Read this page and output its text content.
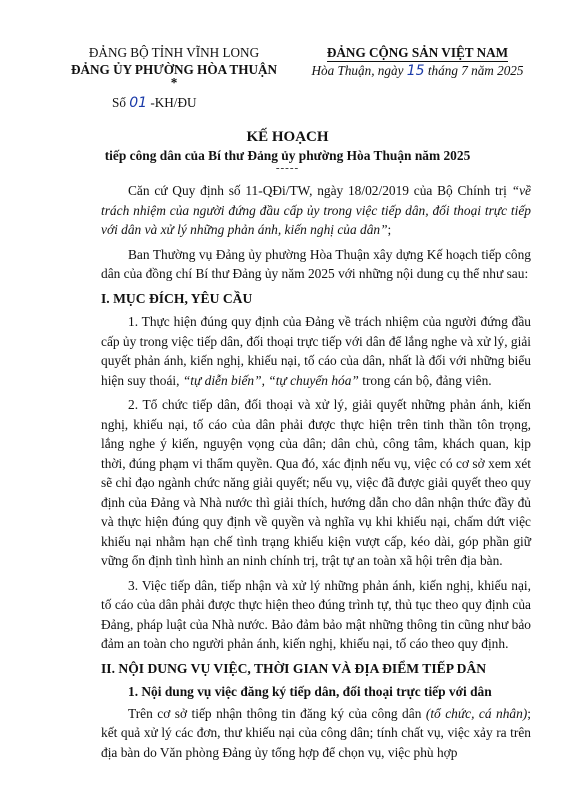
ĐẢNG BỘ TỈNH VĨNH LONG
ĐẢNG ỦY PHƯỜNG HÒA THUẬN
*
Số 01 -KH/ĐU
ĐẢNG CỘNG SẢN VIỆT NAM
Hòa Thuận, ngày 15 tháng 7 năm 2025
KẾ HOẠCH
tiếp công dân của Bí thư Đảng ủy phường Hòa Thuận năm 2025
-----

Căn cứ Quy định số 11-QĐi/TW, ngày 18/02/2019 của Bộ Chính trị “về trách nhiệm của người đứng đầu cấp ủy trong việc tiếp dân, đối thoại trực tiếp với dân và xử lý những phản ánh, kiến nghị của dân”;

Ban Thường vụ Đảng ủy phường Hòa Thuận xây dựng Kế hoạch tiếp công dân của đồng chí Bí thư Đảng ủy năm 2025 với những nội dung cụ thể như sau:

I. MỤC ĐÍCH, YÊU CẦU

1. Thực hiện đúng quy định của Đảng về trách nhiệm của người đứng đầu cấp ủy trong việc tiếp dân, đối thoại trực tiếp với dân để lắng nghe và xử lý, giải quyết phản ánh, kiến nghị, khiếu nại, tố cáo của dân, nhất là đối với những biểu hiện suy thoái, “tự diễn biến”, “tự chuyển hóa” trong cán bộ, đảng viên.

2. Tổ chức tiếp dân, đối thoại và xử lý, giải quyết những phản ánh, kiến nghị, khiếu nại, tố cáo của dân phải được thực hiện trên tinh thần tôn trọng, lắng nghe ý kiến, nguyện vọng của dân; dân chủ, công tâm, khách quan, kịp thời, đúng phạm vi thẩm quyền. Qua đó, xác định nếu vụ, việc có cơ sở xem xét sẽ chỉ đạo ngành chức năng giải quyết; nếu vụ, việc đã được giải quyết theo quy định của Đảng và Nhà nước thì giải thích, hướng dẫn cho dân nhận thức đầy đủ và thực hiện đúng quy định về quyền và nghĩa vụ khi khiếu nại, chấm dứt việc khiếu nại nhằm hạn chế tình trạng khiếu kiện vượt cấp, kéo dài, góp phần giữ vững ổn định tình hình an ninh chính trị, trật tự an toàn xã hội trên địa bàn.

3. Việc tiếp dân, tiếp nhận và xử lý những phản ánh, kiến nghị, khiếu nại, tố cáo của dân phải được thực hiện theo đúng trình tự, thủ tục theo quy định của Đảng, pháp luật của Nhà nước. Bảo đảm bảo mật những thông tin cũng như bảo đảm an toàn cho người phản ánh, kiến nghị, khiếu nại, tố cáo theo quy định.

II. NỘI DUNG VỤ VIỆC, THỜI GIAN VÀ ĐỊA ĐIỂM TIẾP DÂN
1. Nội dung vụ việc đăng ký tiếp dân, đối thoại trực tiếp với dân

Trên cơ sở tiếp nhận thông tin đăng ký của công dân (tổ chức, cá nhân); kết quả xử lý các đơn, thư khiếu nại của công dân; tính chất vụ, việc xảy ra trên địa bàn do Văn phòng Đảng ủy tổng hợp để chọn vụ, việc phù hợp
